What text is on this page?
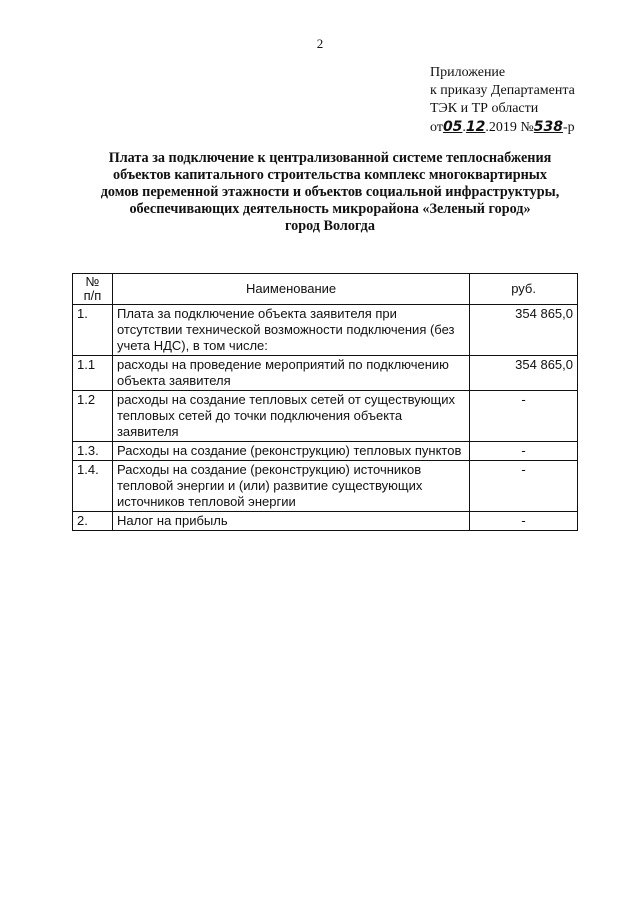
2
Приложение
к приказу Департамента
ТЭК и ТР области
от05.12.2019 №538-р
Плата за подключение к централизованной системе теплоснабжения
объектов капитального строительства комплекс многоквартирных
домов переменной этажности и объектов социальной инфраструктуры,
обеспечивающих деятельность микрорайона «Зеленый город»
город Вологда
№
п/п	Наименование	руб.
1.	Плата за подключение объекта заявителя при отсутствии технической возможности подключения (без учета НДС), в том числе:	354 865,0
1.1	расходы на проведение мероприятий по подключению объекта заявителя	354 865,0
1.2	расходы на создание тепловых сетей от существующих тепловых сетей до точки подключения объекта заявителя	-
1.3.	Расходы на создание (реконструкцию) тепловых пунктов	-
1.4.	Расходы на создание (реконструкцию) источников тепловой энергии и (или) развитие существующих источников тепловой энергии	-
2.	Налог на прибыль	-
